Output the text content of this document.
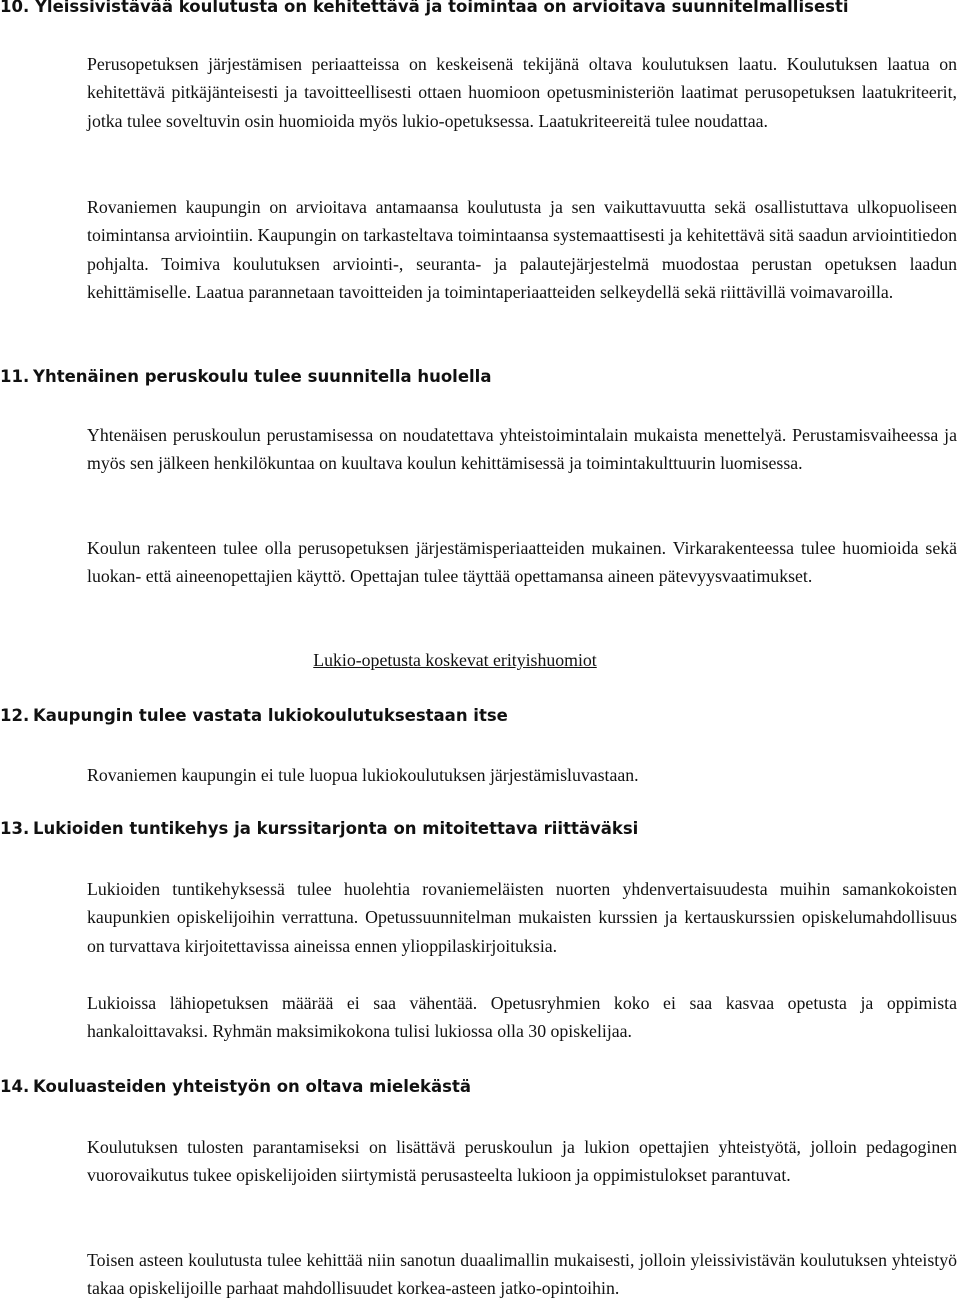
10. Yleissivistävää koulutusta on kehitettävä ja toimintaa on arvioitava suunnitelmallisesti

Perusopetuksen järjestämisen periaatteissa on keskeisenä tekijänä oltava koulutuksen laatu. Koulutuksen laatua on kehitettävä pitkäjänteisesti ja tavoitteellisesti ottaen huomioon opetusministeriön laatimat perusopetuksen laatukriteerit, jotka tulee soveltuvin osin huomioida myös lukio-opetuksessa. Laatukriteereitä tulee noudattaa.

Rovaniemen kaupungin on arvioitava antamaansa koulutusta ja sen vaikuttavuutta sekä osallistuttava ulkopuoliseen toimintansa arviointiin. Kaupungin on tarkasteltava toimintaansa systemaattisesti ja kehitettävä sitä saadun arviointitiedon pohjalta. Toimiva koulutuksen arviointi-, seuranta- ja palautejärjestelmä muodostaa perustan opetuksen laadun kehittämiselle. Laatua parannetaan tavoitteiden ja toimintaperiaatteiden selkeydellä sekä riittävillä voimavaroilla.

11. Yhtenäinen peruskoulu tulee suunnitella huolella

Yhtenäisen peruskoulun perustamisessa on noudatettava yhteistoimintalain mukaista menettelyä. Perustamisvaiheessa ja myös sen jälkeen henkilökuntaa on kuultava koulun kehittämisessä ja toimintakulttuurin luomisessa.

Koulun rakenteen tulee olla perusopetuksen järjestämisperiaatteiden mukainen. Virkarakenteessa tulee huomioida sekä luokan- että aineenopettajien käyttö. Opettajan tulee täyttää opettamansa aineen pätevyysvaatimukset.

Lukio-opetusta koskevat erityishuomiot

12. Kaupungin tulee vastata lukiokoulutuksestaan itse

Rovaniemen kaupungin ei tule luopua lukiokoulutuksen järjestämisluvastaan.

13. Lukioiden tuntikehys ja kurssitarjonta on mitoitettava riittäväksi

Lukioiden tuntikehyksessä tulee huolehtia rovaniemeläisten nuorten yhdenvertaisuudesta muihin samankokoisten kaupunkien opiskelijoihin verrattuna. Opetussuunnitelman mukaisten kurssien ja kertauskurssien opiskelumahdollisuus on turvattava kirjoitettavissa aineissa ennen ylioppilaskirjoituksia.

Lukioissa lähiopetuksen määrää ei saa vähentää. Opetusryhmien koko ei saa kasvaa opetusta ja oppimista hankaloittavaksi. Ryhmän maksimikokona tulisi lukiossa olla 30 opiskelijaa.

14. Kouluasteiden yhteistyön on oltava mielekästä

Koulutuksen tulosten parantamiseksi on lisättävä peruskoulun ja lukion opettajien yhteistyötä, jolloin pedagoginen vuorovaikutus tukee opiskelijoiden siirtymistä perusasteelta lukioon ja oppimistulokset parantuvat.

Toisen asteen koulutusta tulee kehittää niin sanotun duaalimallin mukaisesti, jolloin yleissivistävän koulutuksen yhteistyö takaa opiskelijoille parhaat mahdollisuudet korkea-asteen jatko-opintoihin.
